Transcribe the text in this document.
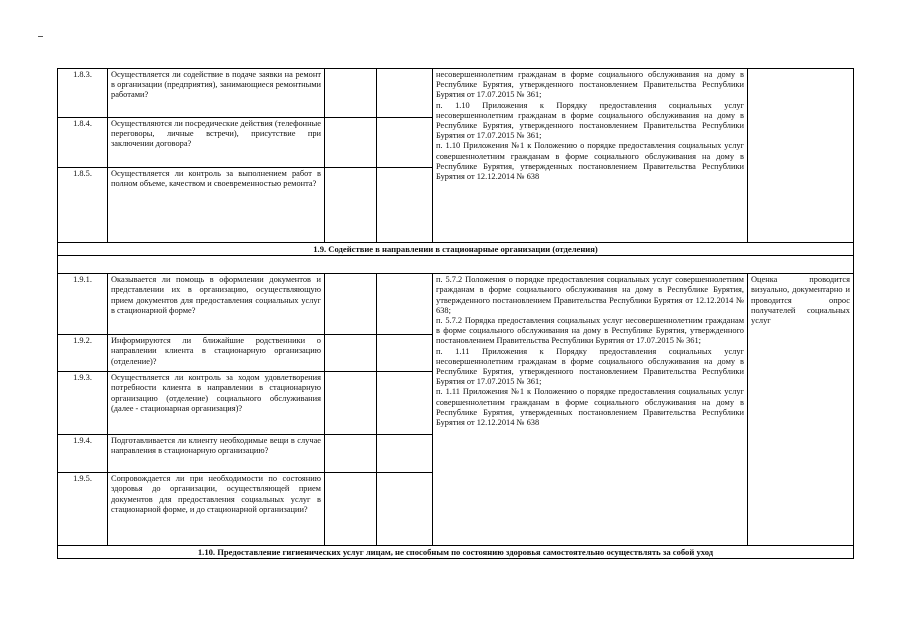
1.8.3.	Осуществляется ли содействие в подаче заявки на ремонт в организации (предприятия), занимающиеся ремонтными работами?			несовершеннолетним гражданам в форме социального обслуживания на дому в Республике Бурятия, утвержденного постановлением Правительства Республики Бурятия от 17.07.2015 № 361;
п. 1.10 Приложения к Порядку предоставления социальных услуг несовершеннолетним гражданам в форме социального обслуживания на дому в Республике Бурятия, утвержденного постановлением Правительства Республики Бурятия от 17.07.2015 № 361;
п. 1.10 Приложения №1 к Положению о порядке предоставления социальных услуг совершеннолетним гражданам в форме социального обслуживания на дому в Республике Бурятия, утвержденных постановлением Правительства Республики Бурятия от 12.12.2014 № 638	

1.8.4.	Осуществляются ли посредические действия (телефонные переговоры, личные встречи), присутствие при заключении договора?				
1.8.5.	Осуществляется ли контроль за выполнением работ в полном объеме, качеством и своевременностью ремонта?				
1.9. Содействие в направлении в стационарные организации (отделения)					

1.9.1.	Оказывается ли помощь в оформлении документов и представлении их в организацию, осуществляющую прием документов для предоставления социальных услуг в стационарной форме?			п. 5.7.2 Положения о порядке предоставления социальных услуг совершеннолетним гражданам в форме социального обслуживания на дому в Республике Бурятия, утвержденного постановлением Правительства Республики Бурятия от 12.12.2014 № 638;
п. 5.7.2 Порядка предоставления социальных услуг несовершеннолетним гражданам в форме социального обслуживания на дому в Республике Бурятия, утвержденного постановлением Правительства Республики Бурятия от 17.07.2015 № 361;
п. 1.11 Приложения к Порядку предоставления социальных услуг несовершеннолетним гражданам в форме социального обслуживания на дому в Республике Бурятия, утвержденного постановлением Правительства Республики Бурятия от 17.07.2015 № 361;
п. 1.11 Приложения №1 к Положению о порядке предоставления социальных услуг совершеннолетним гражданам в форме социального обслуживания на дому в Республике Бурятия, утвержденных постановлением Правительства Республики Бурятия от 12.12.2014 № 638	Оценка проводится визуально, документарно и проводится опрос получателей социальных услуг
1.9.2.	Информируются ли ближайшие родственники о направлении клиента в стационарную организацию (отделение)?				
1.9.3.	Осуществляется ли контроль за ходом удовлетворения потребности клиента в направлении в стационарную организацию (отделение) социального обслуживания (далее - стационарная организация)?				
1.9.4.	Подготавливается ли клиенту необходимые вещи в случае направления в стационарную организацию?				
1.9.5.	Сопровождается ли при необходимости по состоянию здоровья до организации, осуществляющей прием документов для предоставления социальных услуг в стационарной форме, и до стационарной организации?				
1.10. Предоставление гигиенических услуг лицам, не способным по состоянию здоровья самостоятельно осуществлять за собой уход					
